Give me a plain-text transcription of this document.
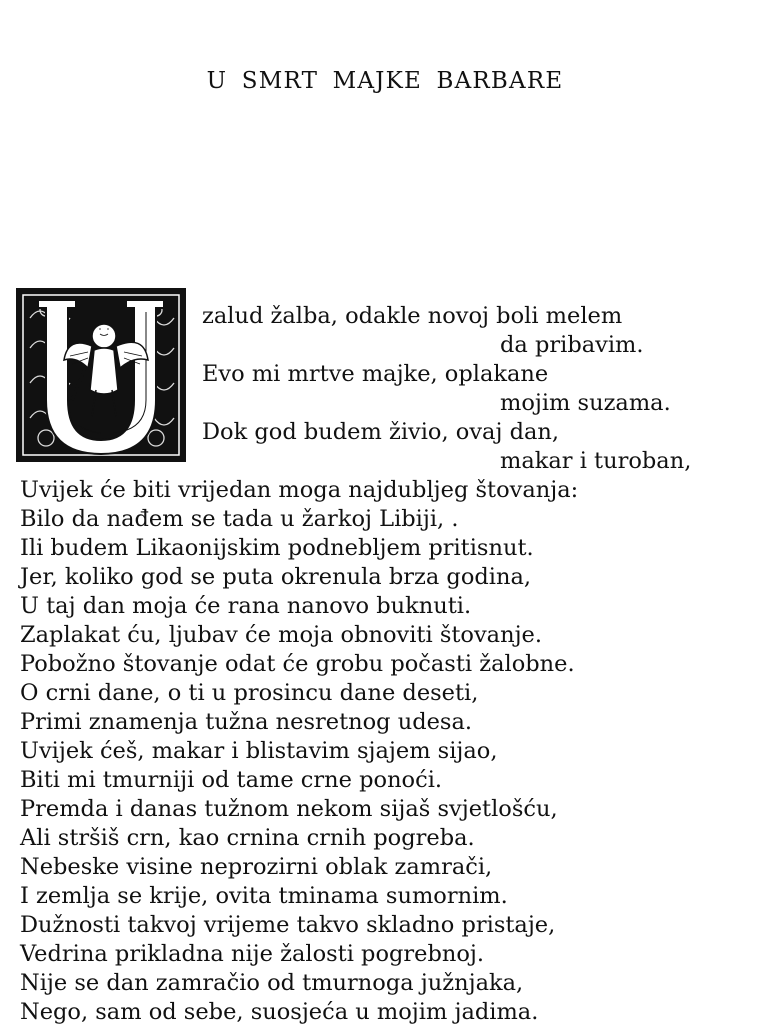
U SMRT MAJKE BARBARE
zalud žalba, odakle novoj boli melem
da pribavim.
Evo mi mrtve majke, oplakane
mojim suzama.
Dok god budem živio, ovaj dan,
makar i turoban,
Uvijek će biti vrijedan moga najdubljeg štovanja:
Bilo da nađem se tada u žarkoj Libiji, .
Ili budem Likaonijskim podnebljem pritisnut.
Jer, koliko god se puta okrenula brza godina,
U taj dan moja će rana nanovo buknuti.
Zaplakat ću, ljubav će moja obnoviti štovanje.
Pobožno štovanje odat će grobu počasti žalobne.
O crni dane, o ti u prosincu dane deseti,
Primi znamenja tužna nesretnog udesa.
Uvijek ćeš, makar i blistavim sjajem sijao,
Biti mi tmurniji od tame crne ponoći.
Premda i danas tužnom nekom sijaš svjetlošću,
Ali stršiš crn, kao crnina crnih pogreba.
Nebeske visine neprozirni oblak zamrači,
I zemlja se krije, ovita tminama sumornim.
Dužnosti takvoj vrijeme takvo skladno pristaje,
Vedrina prikladna nije žalosti pogrebnoj.
Nije se dan zamračio od tmurnoga južnjaka,
Nego, sam od sebe, suosjeća u mojim jadima.
